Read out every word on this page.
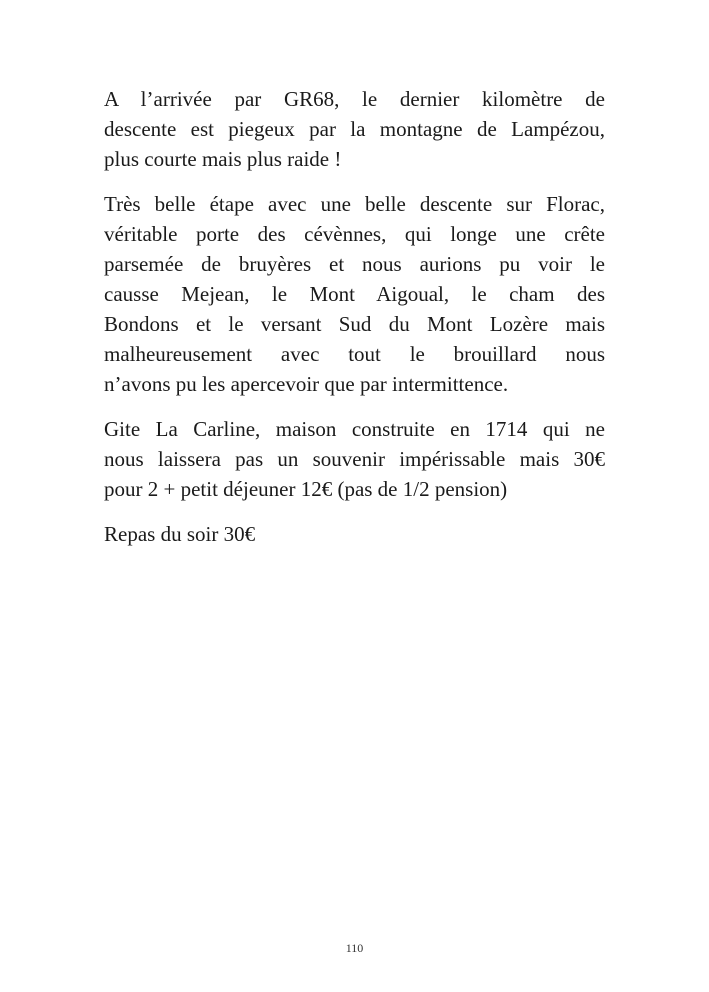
A l’arrivée par GR68, le dernier kilomètre de
descente est piegeux par la montagne de Lampézou,
plus courte mais plus raide !

Très belle étape avec une belle descente sur Florac,
véritable porte des cévènnes, qui longe une crête
parsemée de bruyères et nous aurions pu voir le
causse Mejean, le Mont Aigoual, le cham des
Bondons et le versant Sud du Mont Lozère mais
malheureusement avec tout le brouillard nous
n’avons pu les apercevoir que par intermittence.

Gite La Carline, maison construite en 1714 qui ne
nous laissera pas un souvenir impérissable mais 30€
pour 2 + petit déjeuner 12€ (pas de 1/2 pension)

Repas du soir 30€

110
